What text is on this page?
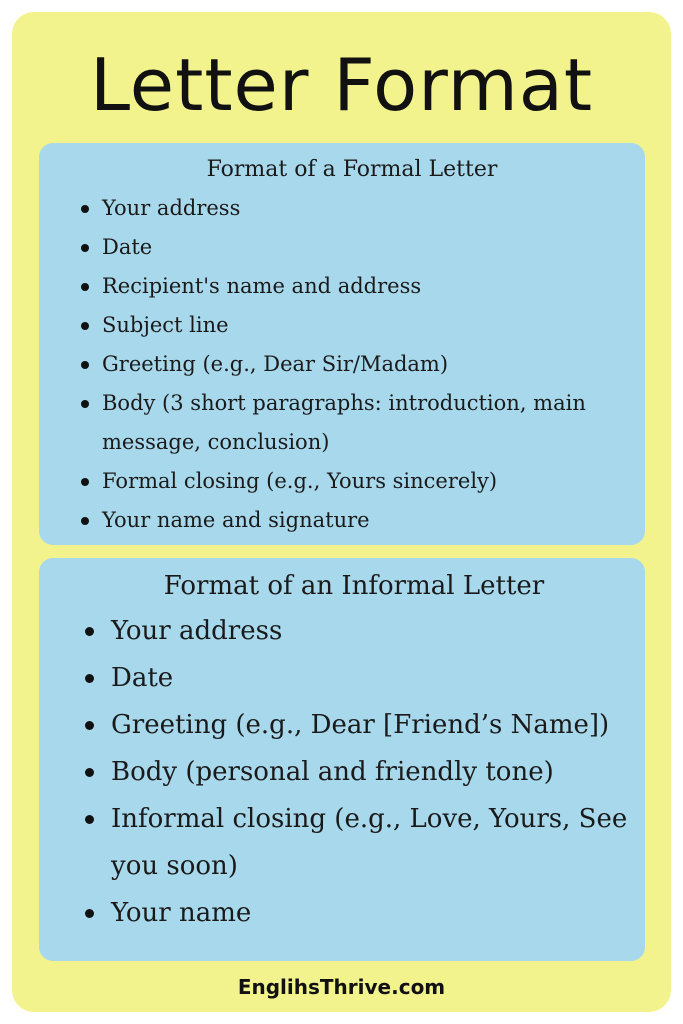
Letter Format
Format of a Formal Letter
Your address
Date
Recipient's name and address
Subject line
Greeting (e.g., Dear Sir/Madam)
Body (3 short paragraphs: introduction, main message, conclusion)
Formal closing (e.g., Yours sincerely)
Your name and signature
Format of an Informal Letter
Your address
Date
Greeting (e.g., Dear [Friend’s Name])
Body (personal and friendly tone)
Informal closing (e.g., Love, Yours, See you soon)
Your name
EnglihsThrive.com
